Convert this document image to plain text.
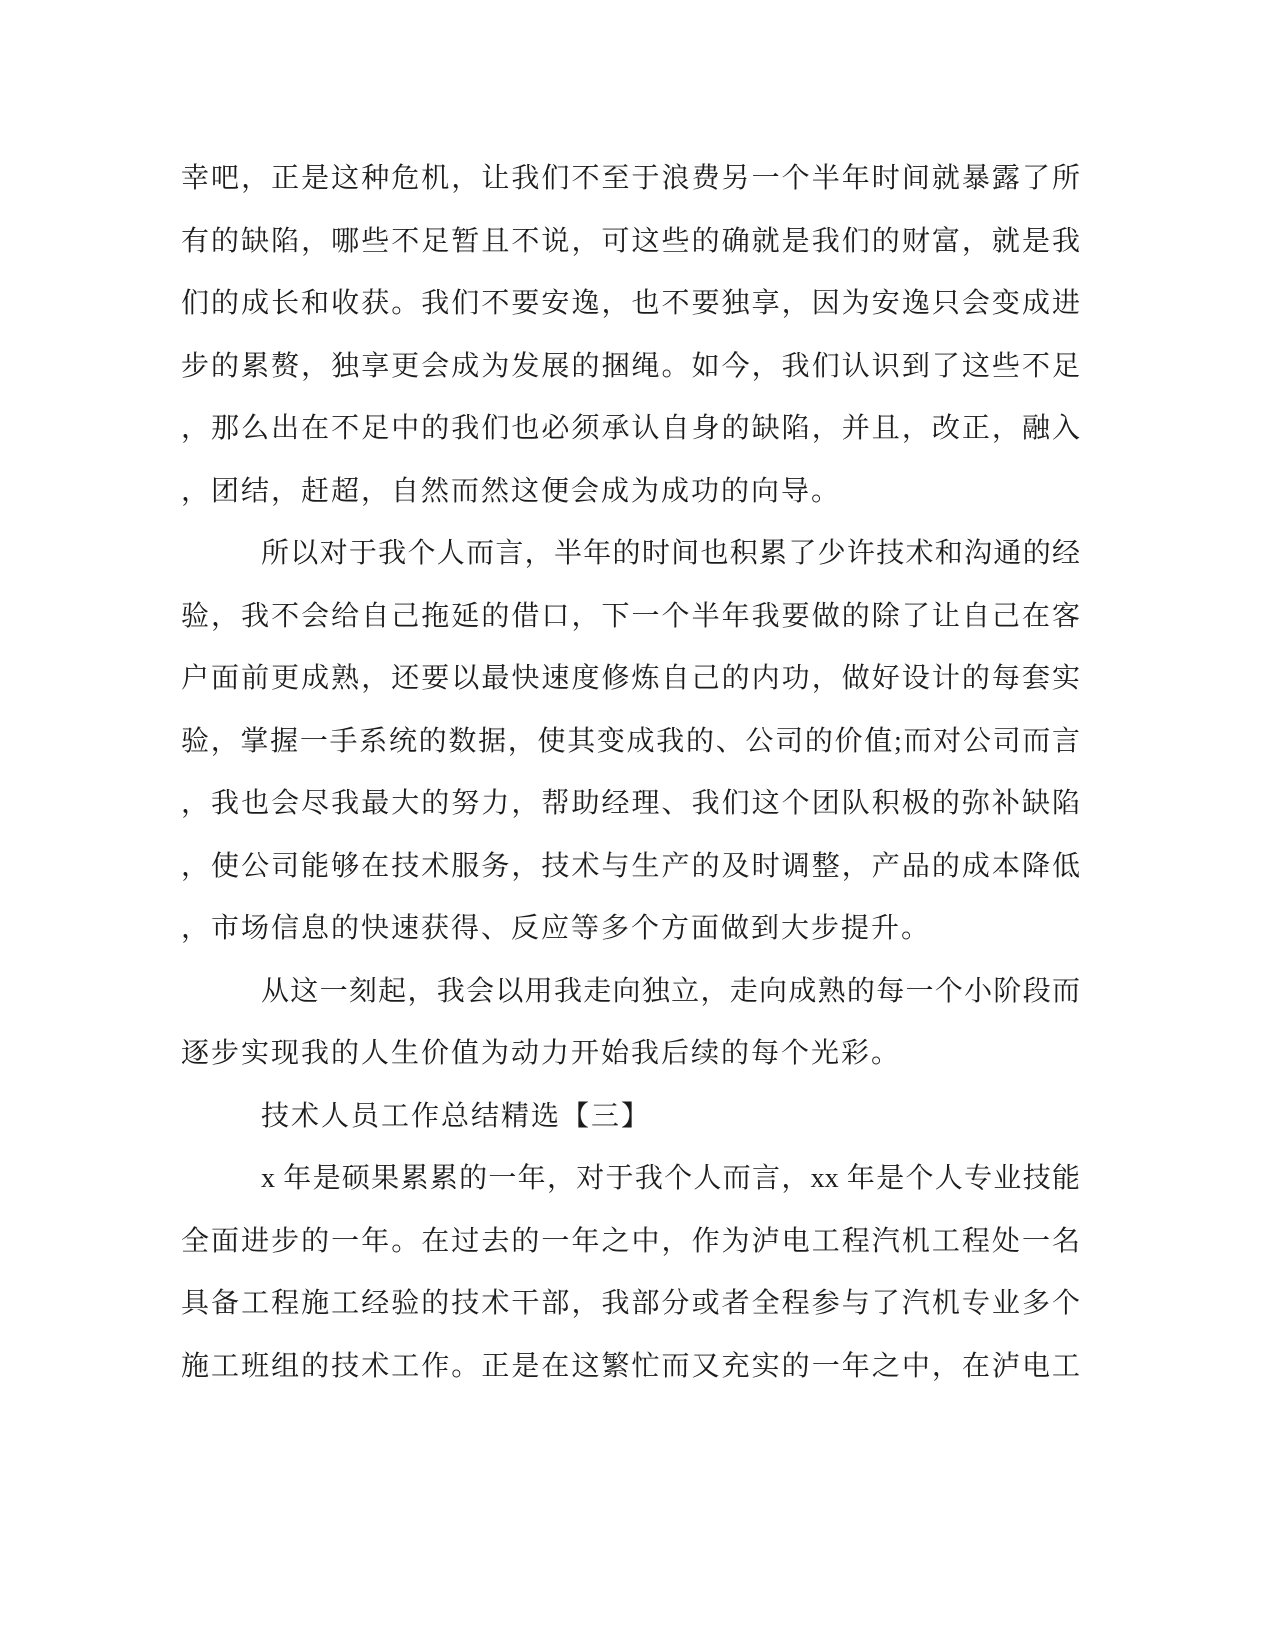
幸吧，正是这种危机，让我们不至于浪费另一个半年时间就暴露了所
有的缺陷，哪些不足暂且不说，可这些的确就是我们的财富，就是我
们的成长和收获。我们不要安逸，也不要独享，因为安逸只会变成进
步的累赘，独享更会成为发展的捆绳。如今，我们认识到了这些不足
，那么出在不足中的我们也必须承认自身的缺陷，并且，改正，融入
，团结，赶超，自然而然这便会成为成功的向导。
所以对于我个人而言，半年的时间也积累了少许技术和沟通的经
验，我不会给自己拖延的借口，下一个半年我要做的除了让自己在客
户面前更成熟，还要以最快速度修炼自己的内功，做好设计的每套实
验，掌握一手系统的数据，使其变成我的、公司的价值;而对公司而言
，我也会尽我最大的努力，帮助经理、我们这个团队积极的弥补缺陷
，使公司能够在技术服务，技术与生产的及时调整，产品的成本降低
，市场信息的快速获得、反应等多个方面做到大步提升。
从这一刻起，我会以用我走向独立，走向成熟的每一个小阶段而
逐步实现我的人生价值为动力开始我后续的每个光彩。
技术人员工作总结精选【三】
x 年是硕果累累的一年，对于我个人而言，xx 年是个人专业技能
全面进步的一年。在过去的一年之中，作为泸电工程汽机工程处一名
具备工程施工经验的技术干部，我部分或者全程参与了汽机专业多个
施工班组的技术工作。正是在这繁忙而又充实的一年之中，在泸电工
